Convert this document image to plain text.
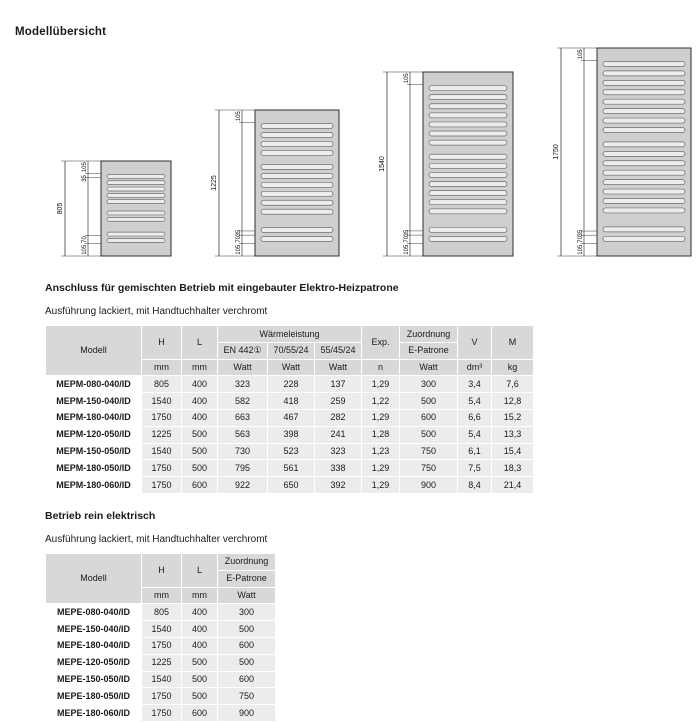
Modellübersicht
805
105
35
70
105
1225
105
35
70
105
1540
105
35
70
105
1750
105
35
70
105
Anschluss für gemischten Betrieb mit eingebauter Elektro-Heizpatrone
Ausführung lackiert, mit Handtuchhalter verchromt
Modell	H	L	Wärmeleistung			Exp.	Zuordnung	V	M
			EN 442①	70/55/24	55/45/24		E-Patrone		
	mm	mm	Watt	Watt	Watt	n	Watt	dm³	kg
MEPM-080-040/ID	805	400	323	228	137	1,29	300	3,4	7,6
MEPM-150-040/ID	1540	400	582	418	259	1,22	500	5,4	12,8
MEPM-180-040/ID	1750	400	663	467	282	1,29	600	6,6	15,2
MEPM-120-050/ID	1225	500	563	398	241	1,28	500	5,4	13,3
MEPM-150-050/ID	1540	500	730	523	323	1,23	750	6,1	15,4
MEPM-180-050/ID	1750	500	795	561	338	1,29	750	7,5	18,3
MEPM-180-060/ID	1750	600	922	650	392	1,29	900	8,4	21,4
Betrieb rein elektrisch
Ausführung lackiert, mit Handtuchhalter verchromt
Modell	H	L	Zuordnung
			E-Patrone
	mm	mm	Watt
MEPE-080-040/ID	805	400	300
MEPE-150-040/ID	1540	400	500
MEPE-180-040/ID	1750	400	600
MEPE-120-050/ID	1225	500	500
MEPE-150-050/ID	1540	500	600
MEPE-180-050/ID	1750	500	750
MEPE-180-060/ID	1750	600	900
